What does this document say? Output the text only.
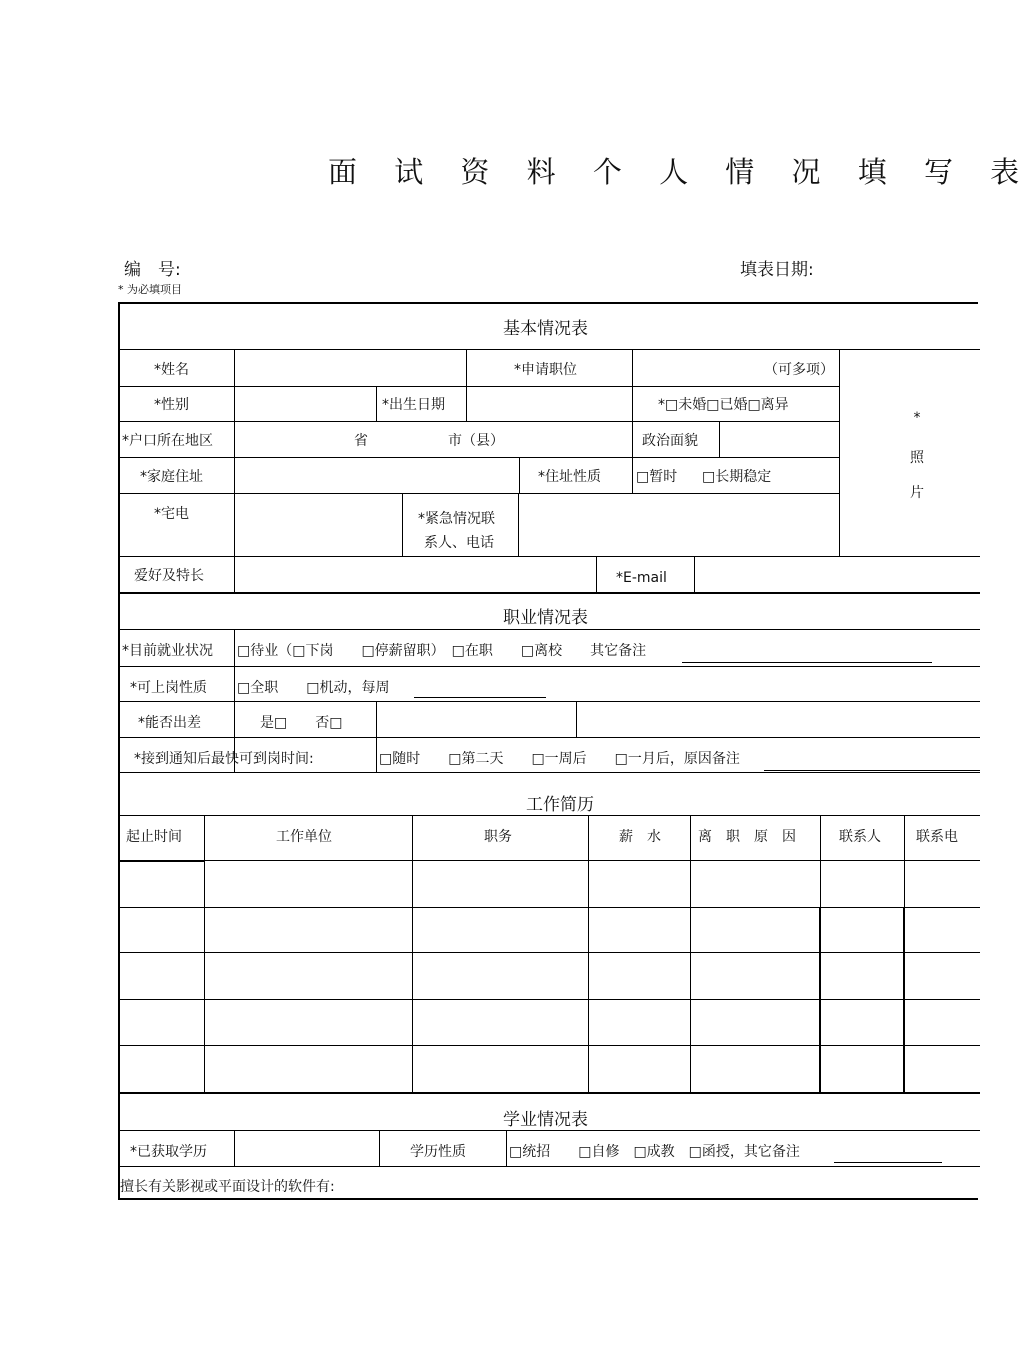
面 试 资 料 个 人 情 况 填 写 表
编　号:	填表日期:
* 为必填项目
基本情况表
职业情况表
工作简历
学业情况表
*姓名	*申请职位	（可多项）
*性别	*出生日期	*□未婚□已婚□离异
*户口所在地区	省	市（县）	政治面貌
*家庭住址	*住址性质	□暂时 □长期稳定
*宅电	*紧急情况联
系人、电话
爱好及特长	*E-mail
*
照
片
*目前就业状况 □待业（□下岗　　□停薪留职）　□在职　　□离校　　其它备注
*可上岗性质 □全职　　□机动，每周
*能否出差	是□　　否□
*接到通知后最快可到岗时间:	□随时　　□第二天　　□一周后　　□一月后，原因备注
起止时间	工作单位	职务	薪　水	离　职　原　因	联系人	联系电
*已获取学历	学历性质	□统招　　□自修　□成教　□函授，其它备注
擅长有关影视或平面设计的软件有:
